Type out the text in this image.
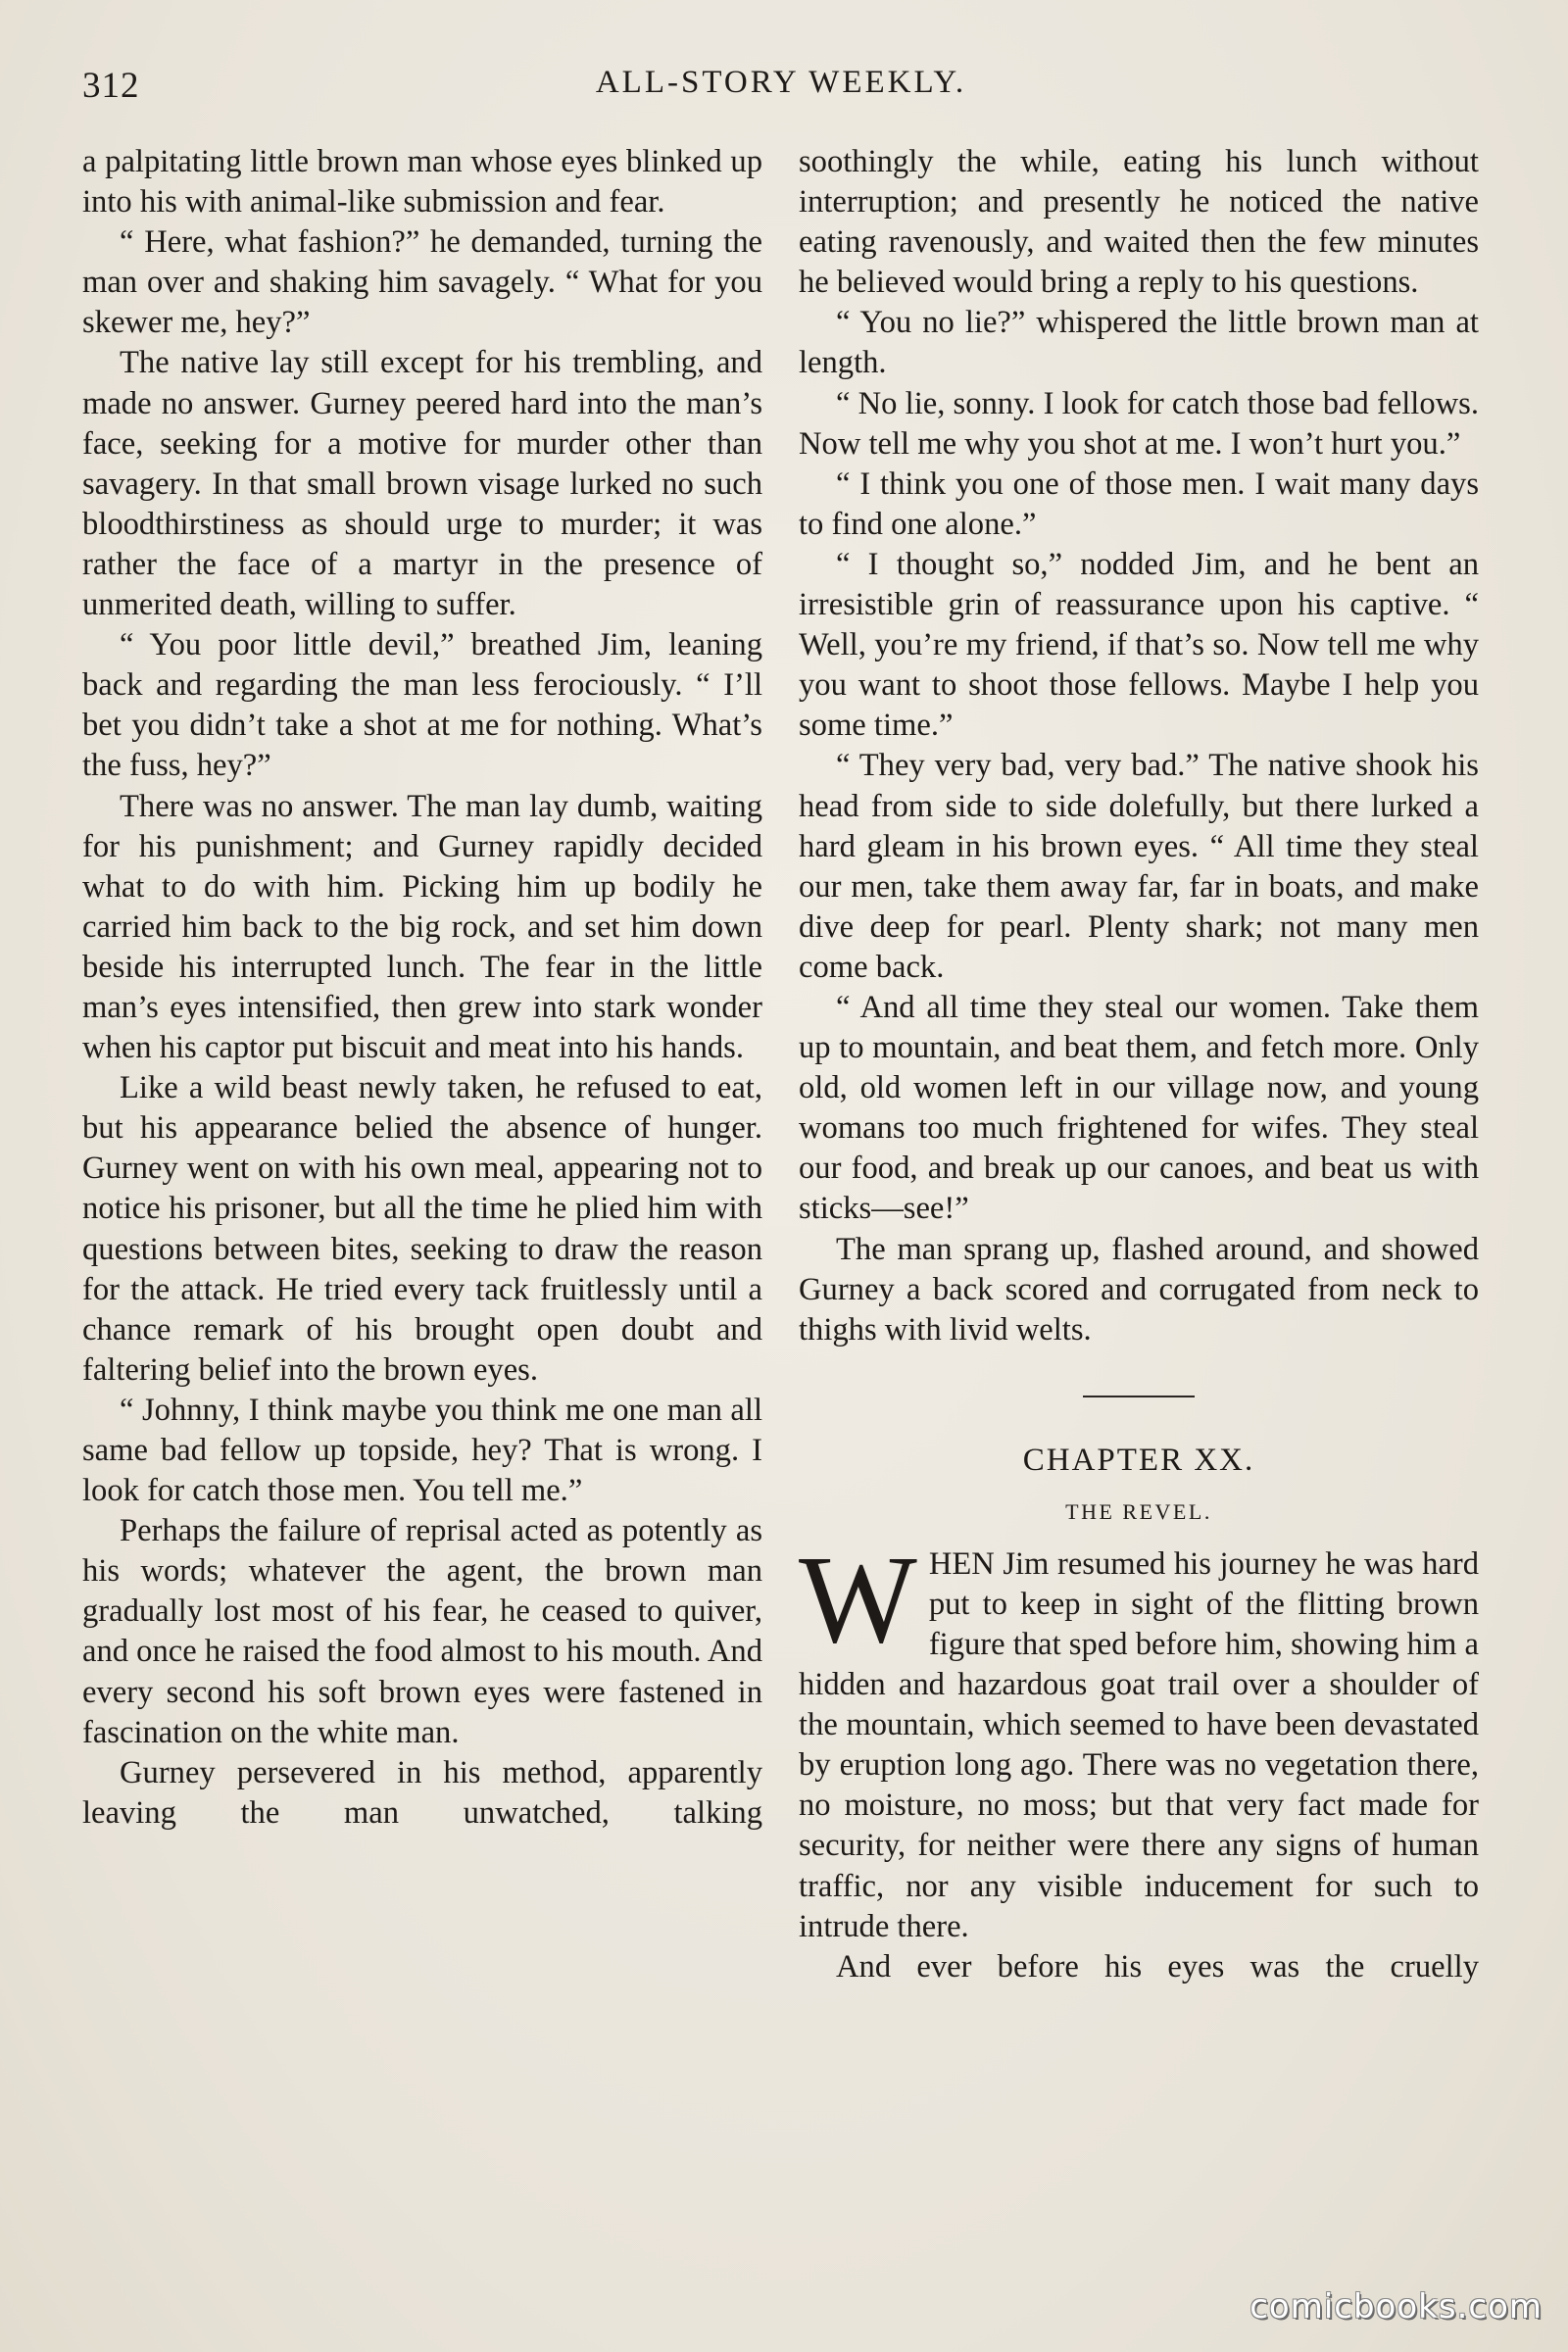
312	ALL-STORY WEEKLY.

a palpitating little brown man whose eyes blinked up into his with animal-like submission and fear.

“ Here, what fashion?” he demanded, turning the man over and shaking him savagely. “ What for you skewer me, hey?”

The native lay still except for his trembling, and made no answer. Gurney peered hard into the man’s face, seeking for a motive for murder other than savagery. In that small brown visage lurked no such bloodthirstiness as should urge to murder; it was rather the face of a martyr in the presence of unmerited death, willing to suffer.

“ You poor little devil,” breathed Jim, leaning back and regarding the man less ferociously. “ I’ll bet you didn’t take a shot at me for nothing. What’s the fuss, hey?”

There was no answer. The man lay dumb, waiting for his punishment; and Gurney rapidly decided what to do with him. Picking him up bodily he carried him back to the big rock, and set him down beside his interrupted lunch. The fear in the little man’s eyes intensified, then grew into stark wonder when his captor put biscuit and meat into his hands.

Like a wild beast newly taken, he refused to eat, but his appearance belied the absence of hunger. Gurney went on with his own meal, appearing not to notice his prisoner, but all the time he plied him with questions between bites, seeking to draw the reason for the attack. He tried every tack fruitlessly until a chance remark of his brought open doubt and faltering belief into the brown eyes.

“ Johnny, I think maybe you think me one man all same bad fellow up topside, hey? That is wrong. I look for catch those men. You tell me.”

Perhaps the failure of reprisal acted as potently as his words; whatever the agent, the brown man gradually lost most of his fear, he ceased to quiver, and once he raised the food almost to his mouth. And every second his soft brown eyes were fastened in fascination on the white man.

Gurney persevered in his method, apparently leaving the man unwatched, talking

soothingly the while, eating his lunch without interruption; and presently he noticed the native eating ravenously, and waited then the few minutes he believed would bring a reply to his questions.

“ You no lie?” whispered the little brown man at length.

“ No lie, sonny. I look for catch those bad fellows. Now tell me why you shot at me. I won’t hurt you.”

“ I think you one of those men. I wait many days to find one alone.”

“ I thought so,” nodded Jim, and he bent an irresistible grin of reassurance upon his captive. “ Well, you’re my friend, if that’s so. Now tell me why you want to shoot those fellows. Maybe I help you some time.”

“ They very bad, very bad.” The native shook his head from side to side dolefully, but there lurked a hard gleam in his brown eyes. “ All time they steal our men, take them away far, far in boats, and make dive deep for pearl. Plenty shark; not many men come back.

“ And all time they steal our women. Take them up to mountain, and beat them, and fetch more. Only old, old women left in our village now, and young womans too much frightened for wifes. They steal our food, and break up our canoes, and beat us with sticks—see!”

The man sprang up, flashed around, and showed Gurney a back scored and corrugated from neck to thighs with livid welts.

CHAPTER XX.
THE REVEL.

WHEN Jim resumed his journey he was hard put to keep in sight of the flitting brown figure that sped before him, showing him a hidden and hazardous goat trail over a shoulder of the mountain, which seemed to have been devastated by eruption long ago. There was no vegetation there, no moisture, no moss; but that very fact made for security, for neither were there any signs of human traffic, nor any visible inducement for such to intrude there.

And ever before his eyes was the cruelly

comicbooks.com
